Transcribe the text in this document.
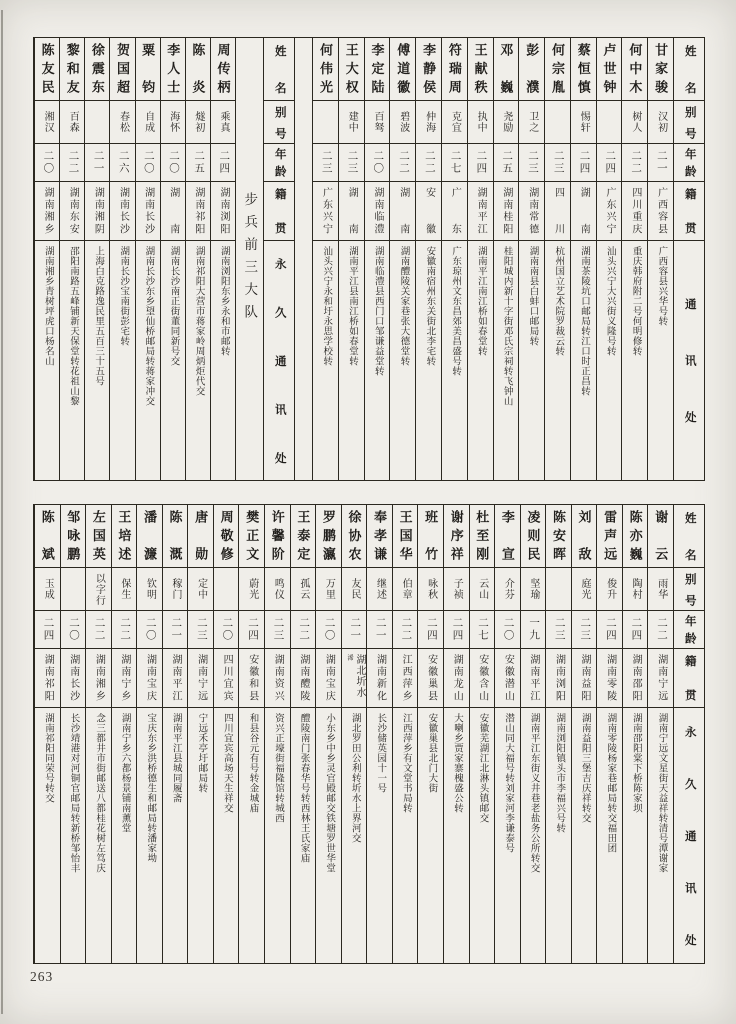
姓名
别号
年龄
籍贯
通讯处
甘家骏
汉初
二一
广西容县
广西容县兴华号转
何中木
树人
二二
四川重庆
重庆韩府附二号何明修转
卢世钟
二四
广东兴宁
汕头兴宁大兴街义隆号转
蔡恒慎
惕轩
二四
湖南
湖南茶陵坑口邮局转江口时正昌转
何宗胤
二三
四川
杭州国立艺术院罗裁云转
彭濮
卫之
二三
湖南常德
湖南南县白蚌口邮局转
邓巍
尧励
二五
湖南桂阳
桂阳城内新十字街邓氏宗祠转飞钟山
王献秩
执中
二四
湖南平江
湖南平江南江桥如春堂转
符瑞周
克宜
二七
广东
广东琼州文东昌郊美昌盛号转
李静侯
仲海
二二
安徽
安徽南宿州东关街北李宅转
傅道徽
碧波
二二
湖南
湖南醴陵关家巷张大德堂转
李定陆
百驽
二〇
湖南临澧
湖南临澧县西门口邹谦益堂转
王大权
建中
二三
湖南
湖南平江县南江桥如春堂转
何伟光
二三
广东兴宁
汕头兴宁永和圩永思学校转
姓名
别号
年龄
籍贯
永久通讯处
步兵前三大队
周传柄
乘真
二四
湖南浏阳
湖南浏阳东乡永和市邮转
陈炎
燧初
二五
湖南祁阳
湖南祁阳大营市蒋家岭周炳炬代交
李人士
海怀
二〇
湖南
湖南长沙南正街董同新号交
粟钧
自成
二〇
湖南长沙
湖南长沙东乡望仙桥邮局转蒋家冲交
贺国超
春松
二六
湖南长沙
湖南长沙宝南街彭宅转
徐震东
二一
湖南湘阴
上海白克路逸民里五百三十五号
黎和友
百森
二二
湖南东安
邵阳南路五峰铺新天保堂转花祖山黎
陈友民
湘汉
二〇
湖南湘乡
湖南湘乡青树坪虎口杨名山
姓名
别号
年龄
籍贯
永久通讯处
谢云
雨华
二二
湖南宁远
湖南宁远文星街天益祥转清号潭谢家
陈亦巍
陶村
二四
湖南邵阳
湖南邵阳棠下桥陈家坝
雷声远
俊升
二四
湖南零陵
湖南零陵杨家巷邮局转交福田团
刘敌
庭光
二三
湖南益阳
湖南益阳三堡吉庆祥转交
陈安晖
二三
湖南浏阳
湖南浏阳镇头市李福兴号转
凌则民
坚瑜
一九
湖南平江
湖南平江东街义井巷老盐务公所转交
李宣
介芬
二〇
安徽潜山
潜山同大福号转刘家河李谦泰号
杜至刚
云山
二七
安徽含山
安徽芜湖江北淋头镇邮交
谢序祥
子祯
二四
湖南龙山
大喇乡贾家寨槐盛公转
班竹
咏秋
二四
安徽巢县
安徽巢县北门大街
王国华
伯章
二二
江西萍乡
江西萍乡有文堂书局转
奉孝谦
继述
二一
湖南新化
长沙储英园十一号
徐协农
友民
二一
湖北圻水浠
湖北罗田公利转圻水上界河交
罗鹏瀛
万里
二〇
湖南宝庆
小东乡中乡灵官殿邮交铁塘罗世华堂
王泰定
孤云
二二
湖南醴陵
醴陵南门张春华号转西林王氏家庙
许馨阶
鸣仪
二三
湖南资兴
资兴正壕街福隆馆转城西
樊正文
蔚光
二四
安徽和县
和县谷元有号转金城庙
周敬修
二〇
四川宜宾
四川宜宾高场天生祥交
唐勋
定中
二三
湖南宁远
宁远禾亭圩邮局转
陈溉
稼门
二一
湖南平江
湖南平江县城同履斋
潘濂
钦明
二〇
湖南宝庆
宝庆东乡洪桥德生和邮局转潘家坳
王培述
保生
二二
湖南宁乡
湖南宁乡六都杨景铺南薰堂
左国英
以字行
二二
湖南湘乡
念三都井市街邮送八都桂花树左笃庆
邹咏鹏
二〇
湖南长沙
长沙靖港对河铜官邮局转新桥邹怡丰
陈斌
玉成
二四
湖南祁阳
湖南祁阳同荣号转交
263
